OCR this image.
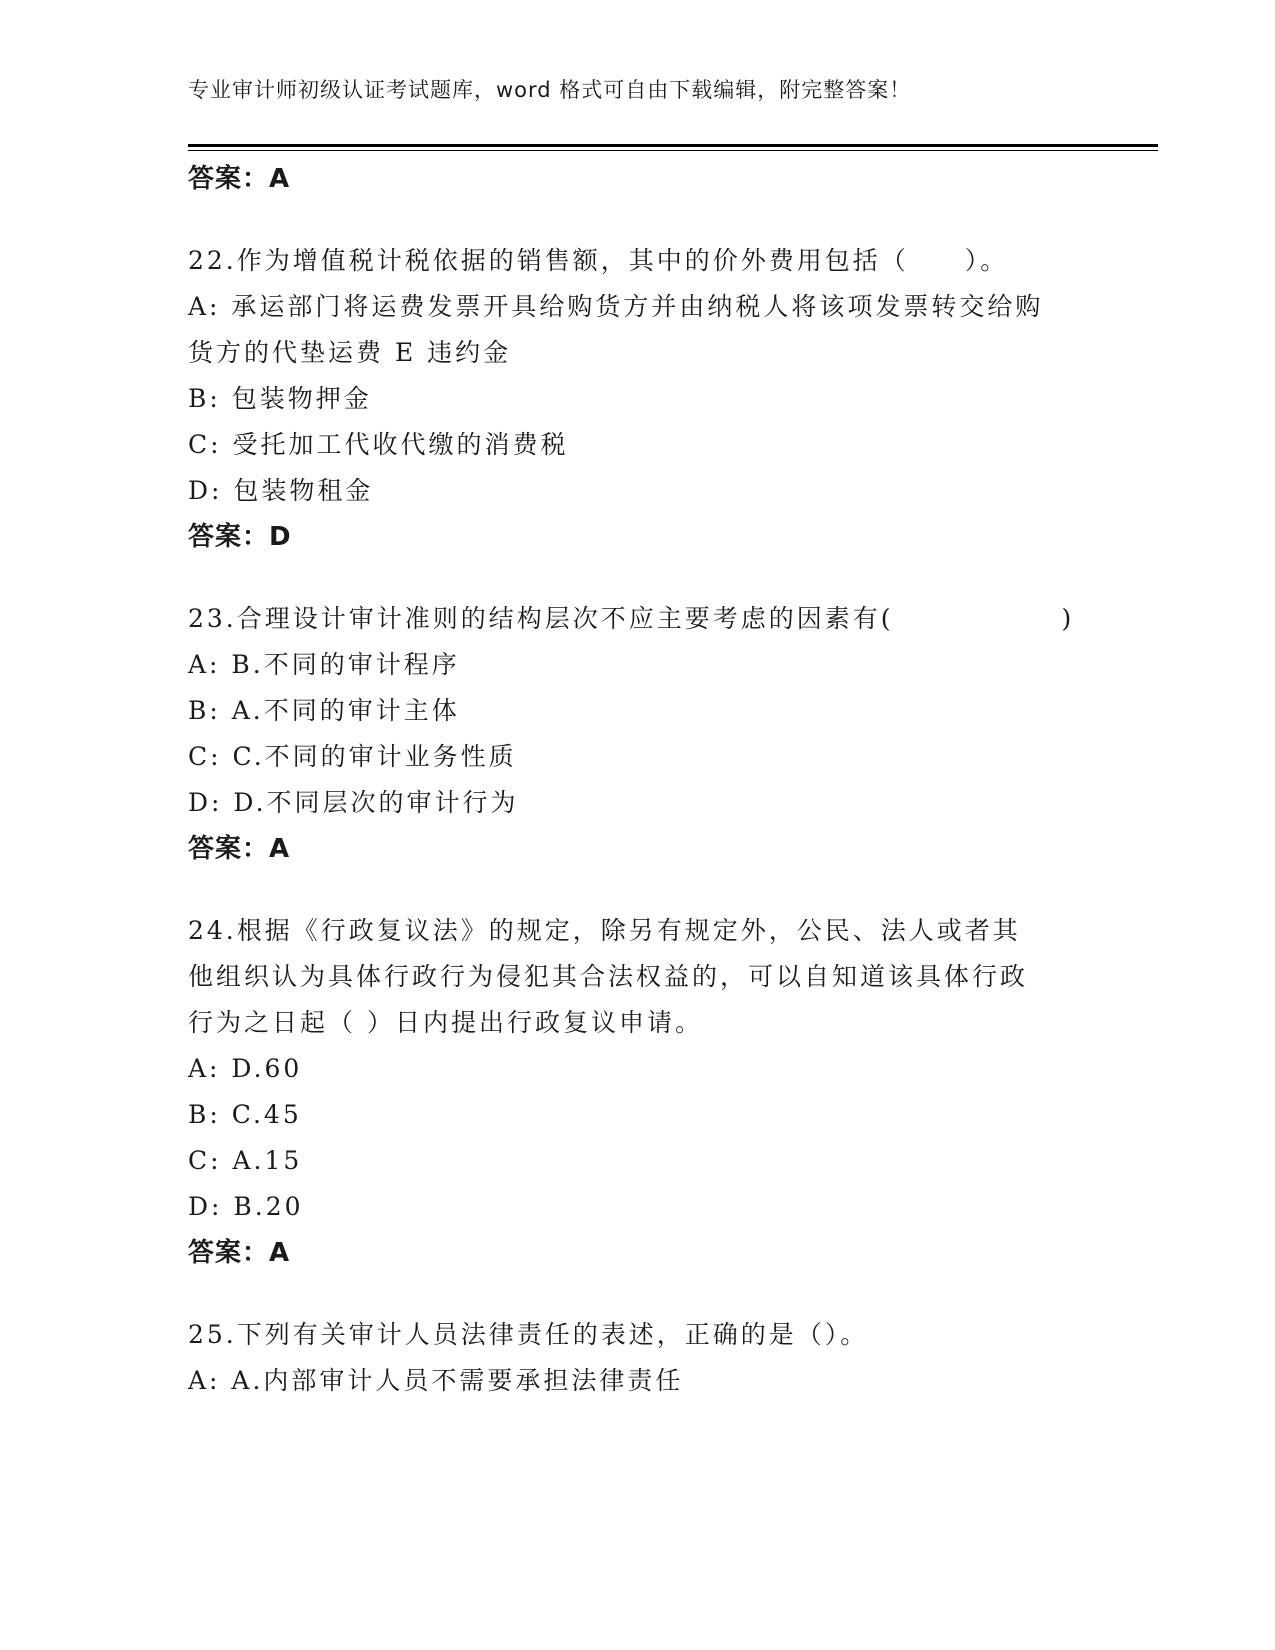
专业审计师初级认证考试题库，word 格式可自由下载编辑，附完整答案！
答案：A
22.作为增值税计税依据的销售额，其中的价外费用包括（　　）。
A: 承运部门将运费发票开具给购货方并由纳税人将该项发票转交给购货方的代垫运费 E 违约金
B: 包装物押金
C: 受托加工代收代缴的消费税
D: 包装物租金
答案：D
23.合理设计审计准则的结构层次不应主要考虑的因素有(　　　　　　)
A: B.不同的审计程序
B: A.不同的审计主体
C: C.不同的审计业务性质
D: D.不同层次的审计行为
答案：A
24.根据《行政复议法》的规定，除另有规定外，公民、法人或者其他组织认为具体行政行为侵犯其合法权益的，可以自知道该具体行政行为之日起（ ）日内提出行政复议申请。
A: D.60
B: C.45
C: A.15
D: B.20
答案：A
25.下列有关审计人员法律责任的表述，正确的是（）。
A: A.内部审计人员不需要承担法律责任
